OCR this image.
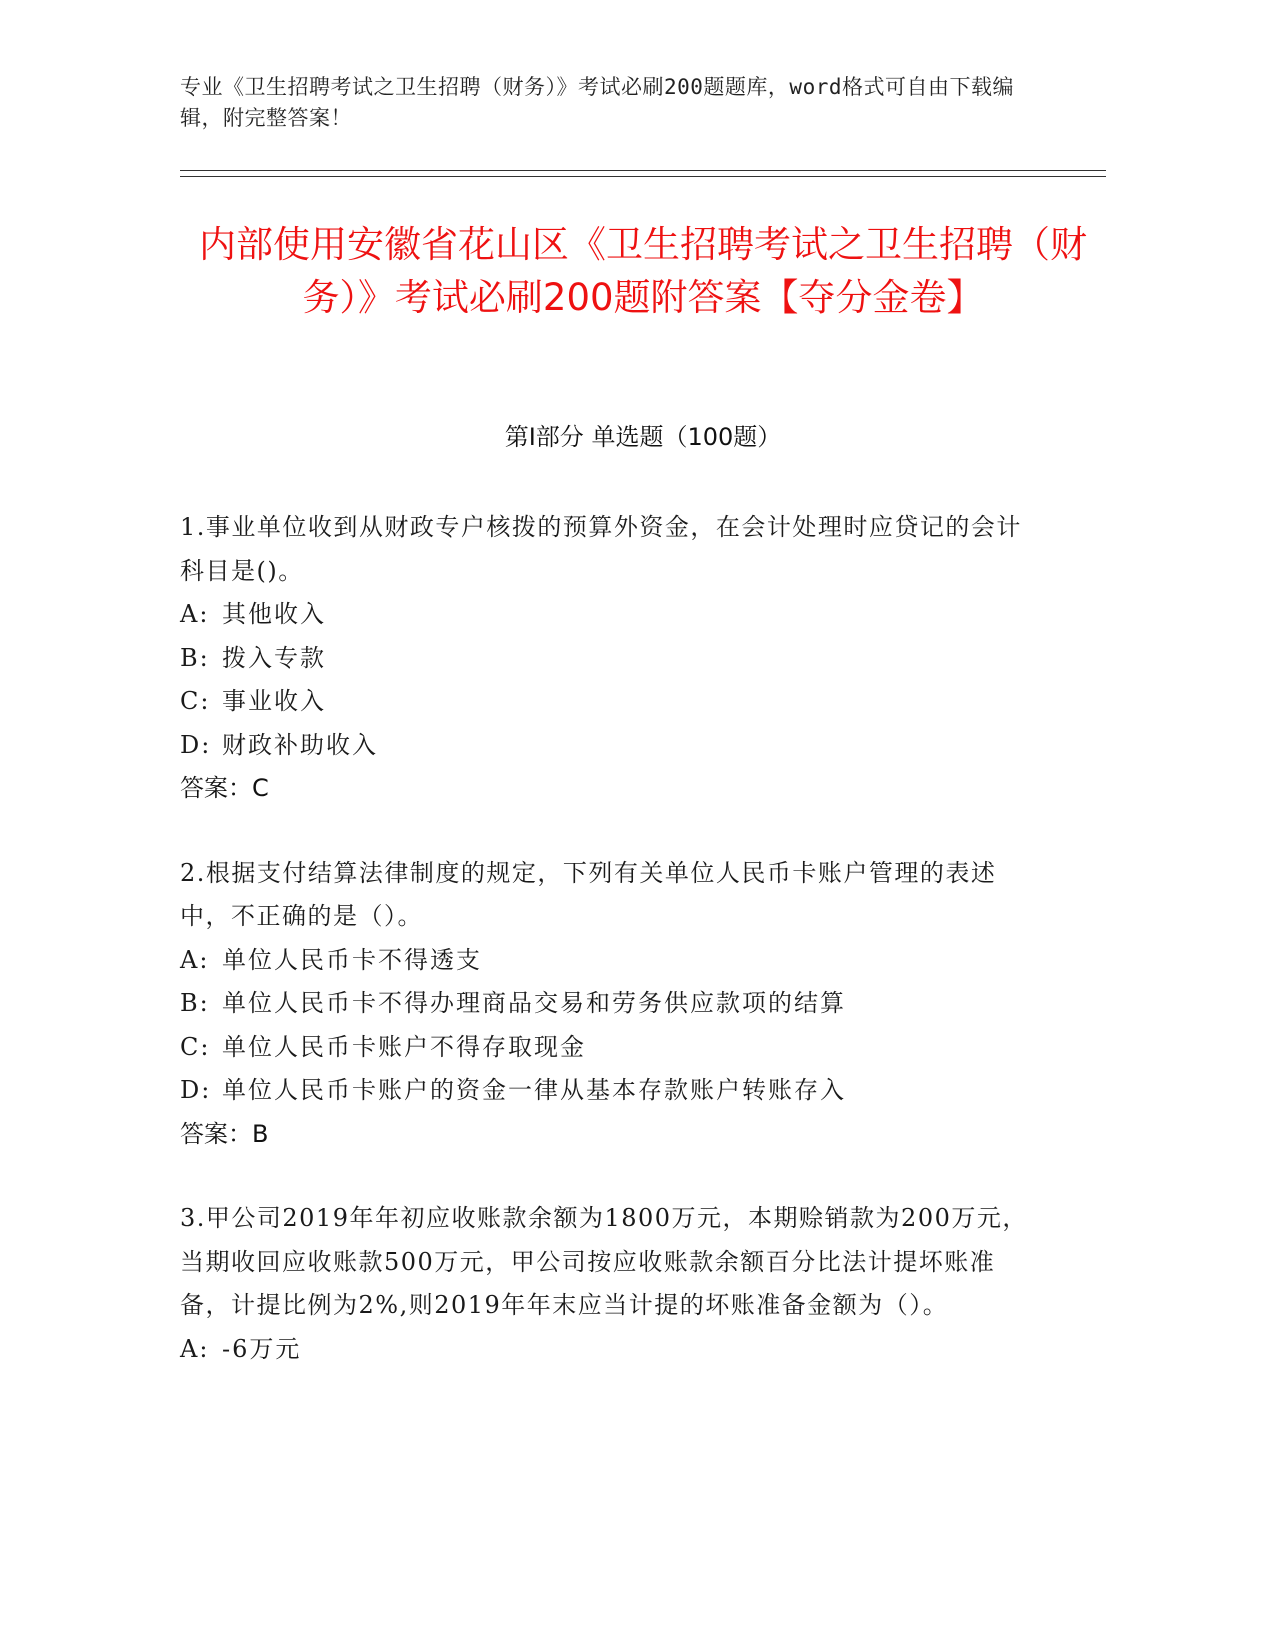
专业《卫生招聘考试之卫生招聘（财务）》考试必刷200题题库，word格式可自由下载编辑，附完整答案！
内部使用安徽省花山区《卫生招聘考试之卫生招聘（财务）》考试必刷200题附答案【夺分金卷】
第Ⅰ部分 单选题（100题）
1.事业单位收到从财政专户核拨的预算外资金，在会计处理时应贷记的会计科目是()。
A: 其他收入
B: 拨入专款
C: 事业收入
D: 财政补助收入
答案：C
2.根据支付结算法律制度的规定，下列有关单位人民币卡账户管理的表述中，不正确的是（）。
A: 单位人民币卡不得透支
B: 单位人民币卡不得办理商品交易和劳务供应款项的结算
C: 单位人民币卡账户不得存取现金
D: 单位人民币卡账户的资金一律从基本存款账户转账存入
答案：B
3.甲公司2019年年初应收账款余额为1800万元，本期赊销款为200万元，当期收回应收账款500万元，甲公司按应收账款余额百分比法计提坏账准备，计提比例为2%,则2019年年末应当计提的坏账准备金额为（）。
A: -6万元
